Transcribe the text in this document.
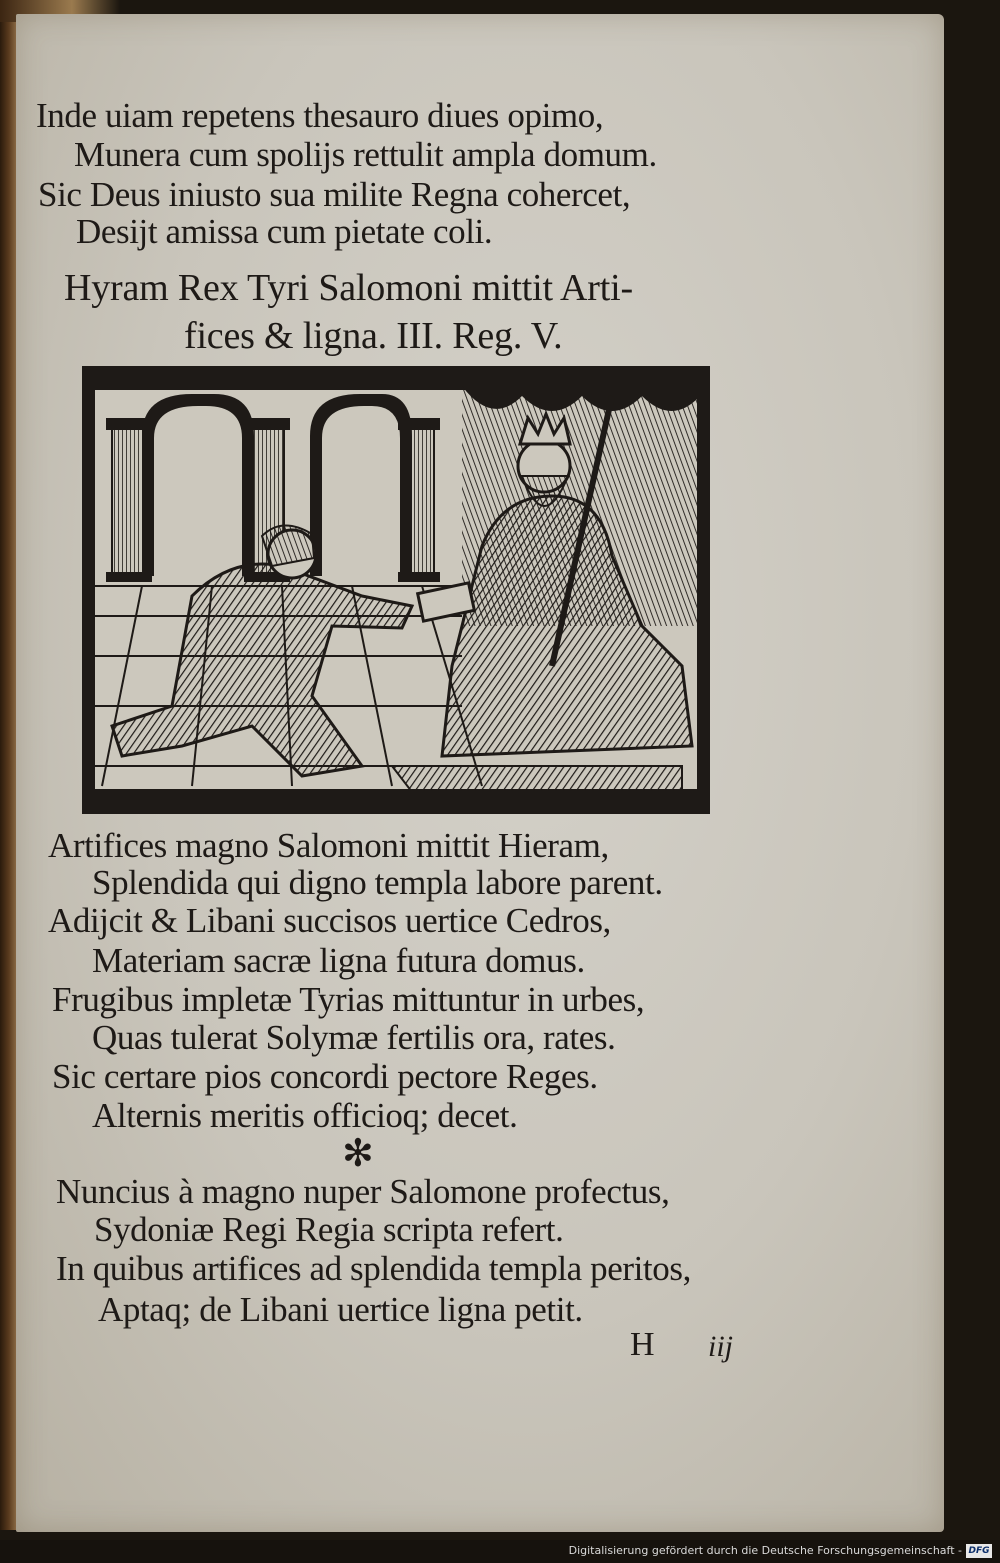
Inde uiam repetens thesauro diues opimo,

Munera cum spolijs rettulit ampla domum.

Sic Deus iniusto sua milite Regna cohercet,

Desijt amissa cum pietate coli.

Hyram Rex Tyri Salomoni mittit Arti-

fices & ligna. III. Reg. V.

Artifices magno Salomoni mittit Hieram,

Splendida qui digno templa labore parent.

Adijcit & Libani succisos uertice Cedros,

Materiam sacræ ligna futura domus.

Frugibus impletæ Tyrias mittuntur in urbes,

Quas tulerat Solymæ fertilis ora, rates.

Sic certare pios concordi pectore Reges.

Alternis meritis officioq; decet.

✻

Nuncius à magno nuper Salomone profectus,

Sydoniæ Regi Regia scripta refert.

In quibus artifices ad splendida templa peritos,

Aptaq; de Libani uertice ligna petit.

H iij
Digitalisierung gefördert durch die Deutsche Forschungsgemeinschaft - DFG
